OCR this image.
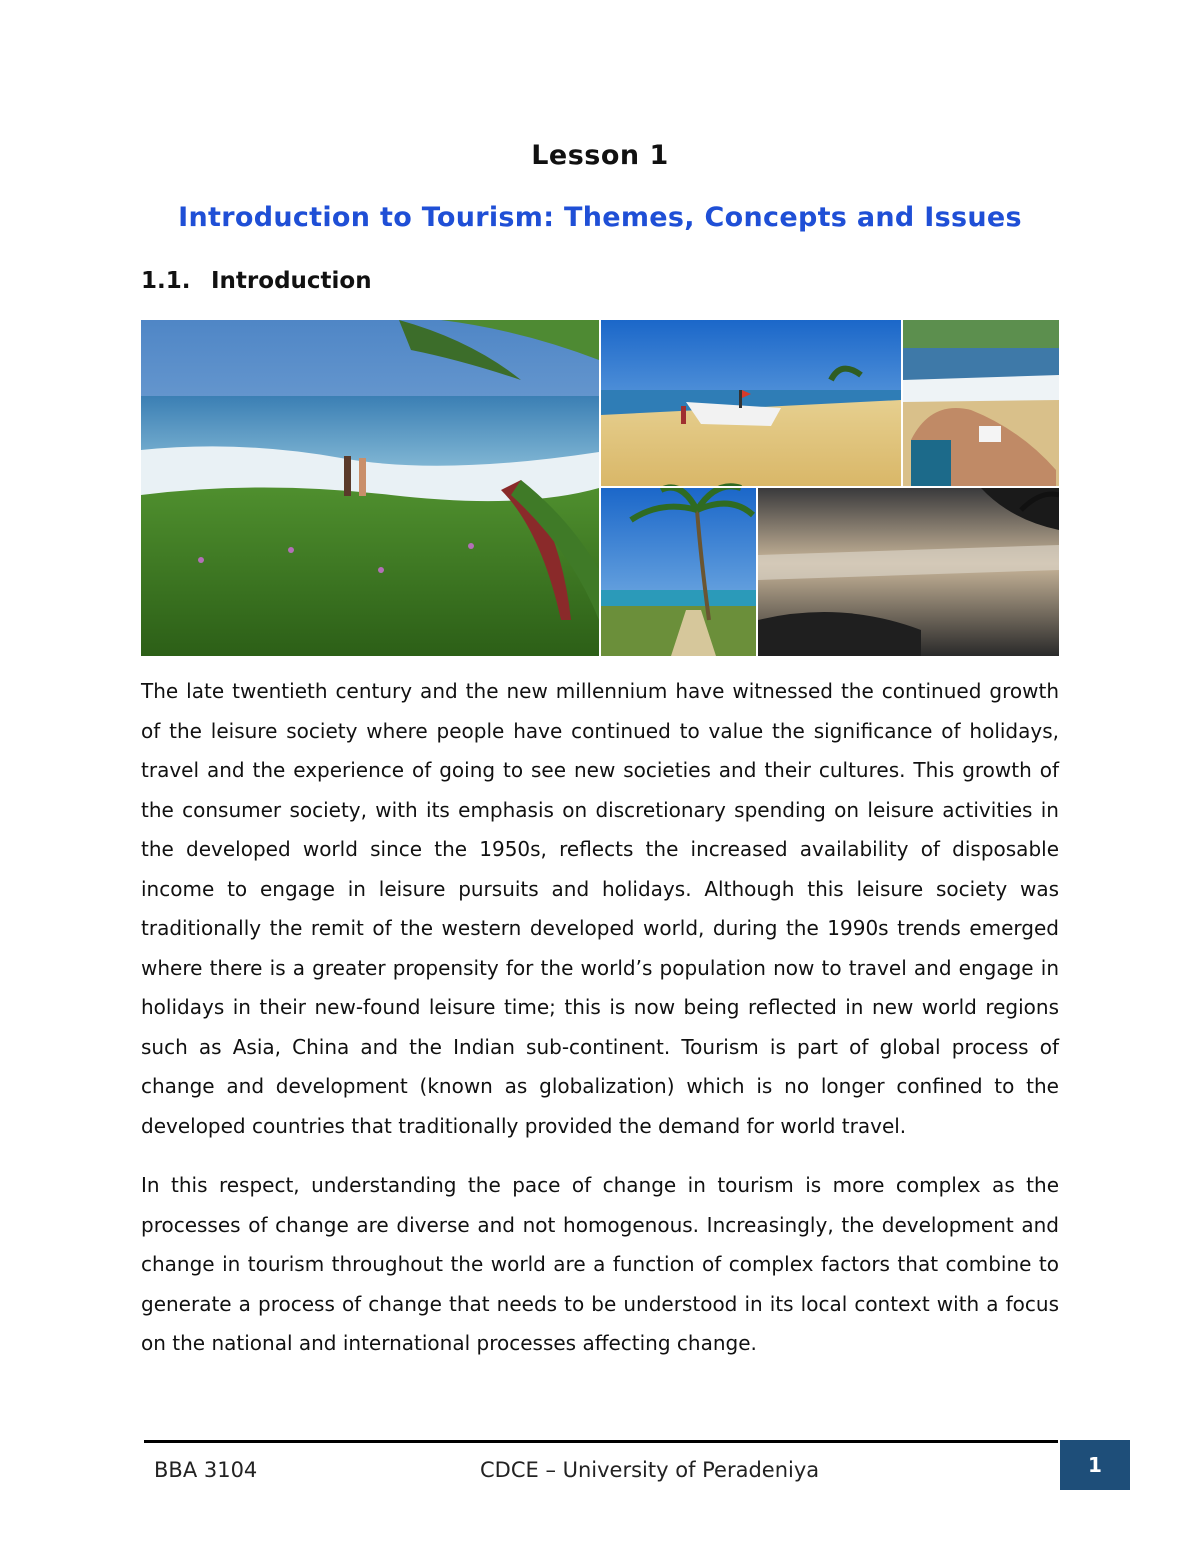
Lesson 1
Introduction to Tourism: Themes, Concepts and Issues
1.1. Introduction

The late twentieth century and the new millennium have witnessed the continued growth of the leisure society where people have continued to value the significance of holidays, travel and the experience of going to see new societies and their cultures. This growth of the consumer society, with its emphasis on discretionary spending on leisure activities in the developed world since the 1950s, reflects the increased availability of disposable income to engage in leisure pursuits and holidays. Although this leisure society was traditionally the remit of the western developed world, during the 1990s trends emerged where there is a greater propensity for the world’s population now to travel and engage in holidays in their new-found leisure time; this is now being reflected in new world regions such as Asia, China and the Indian sub-continent. Tourism is part of global process of change and development (known as globalization) which is no longer confined to the developed countries that traditionally provided the demand for world travel.

In this respect, understanding the pace of change in tourism is more complex as the processes of change are diverse and not homogenous. Increasingly, the development and change in tourism throughout the world are a function of complex factors that combine to generate a process of change that needs to be understood in its local context with a focus on the national and international processes affecting change.

BBA 3104	CDCE – University of Peradeniya	1
